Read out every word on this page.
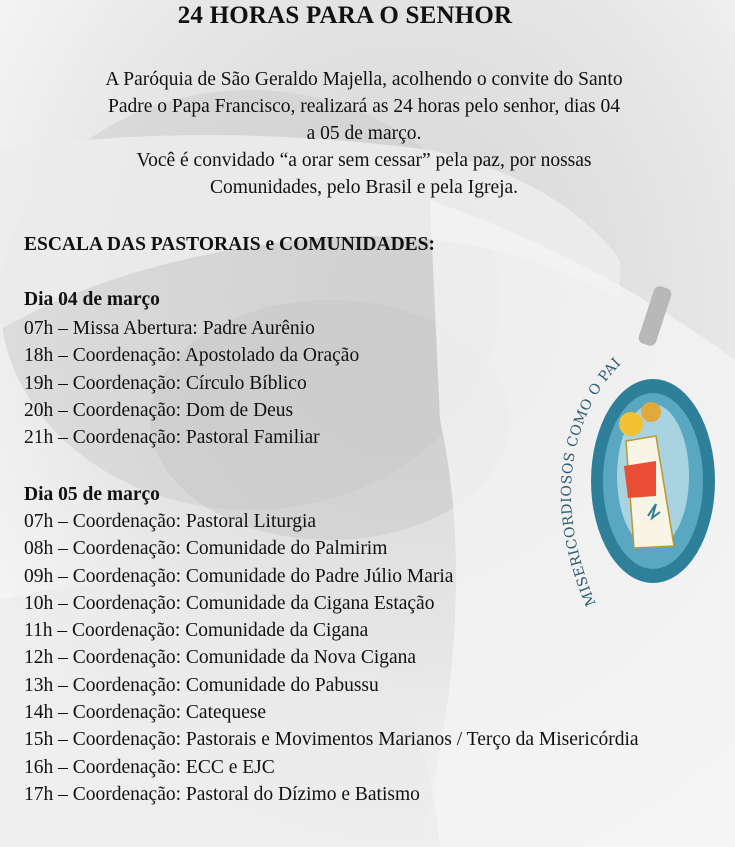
MISERICORDIOSOS COMO O PAI
24 HORAS PARA O SENHOR

A Paróquia de São Geraldo Majella, acolhendo o convite do Santo

Padre o Papa Francisco, realizará as 24 horas pelo senhor, dias 04

a 05 de março.

Você é convidado “a orar sem cessar” pela paz, por nossas

Comunidades, pelo Brasil e pela Igreja.

ESCALA DAS PASTORAIS e COMUNIDADES:
Dia 04 de março
07h – Missa Abertura: Padre Aurênio
18h – Coordenação: Apostolado da Oração
19h – Coordenação: Círculo Bíblico
20h – Coordenação: Dom de Deus
21h – Coordenação: Pastoral Familiar
Dia 05 de março
07h – Coordenação: Pastoral Liturgia
08h – Coordenação: Comunidade do Palmirim
09h – Coordenação: Comunidade do Padre Júlio Maria
10h – Coordenação: Comunidade da Cigana Estação
11h – Coordenação: Comunidade da Cigana
12h – Coordenação: Comunidade da Nova Cigana
13h – Coordenação: Comunidade do Pabussu
14h – Coordenação: Catequese
15h – Coordenação: Pastorais e Movimentos Marianos / Terço da Misericórdia
16h – Coordenação: ECC e EJC
17h – Coordenação: Pastoral do Dízimo e Batismo
